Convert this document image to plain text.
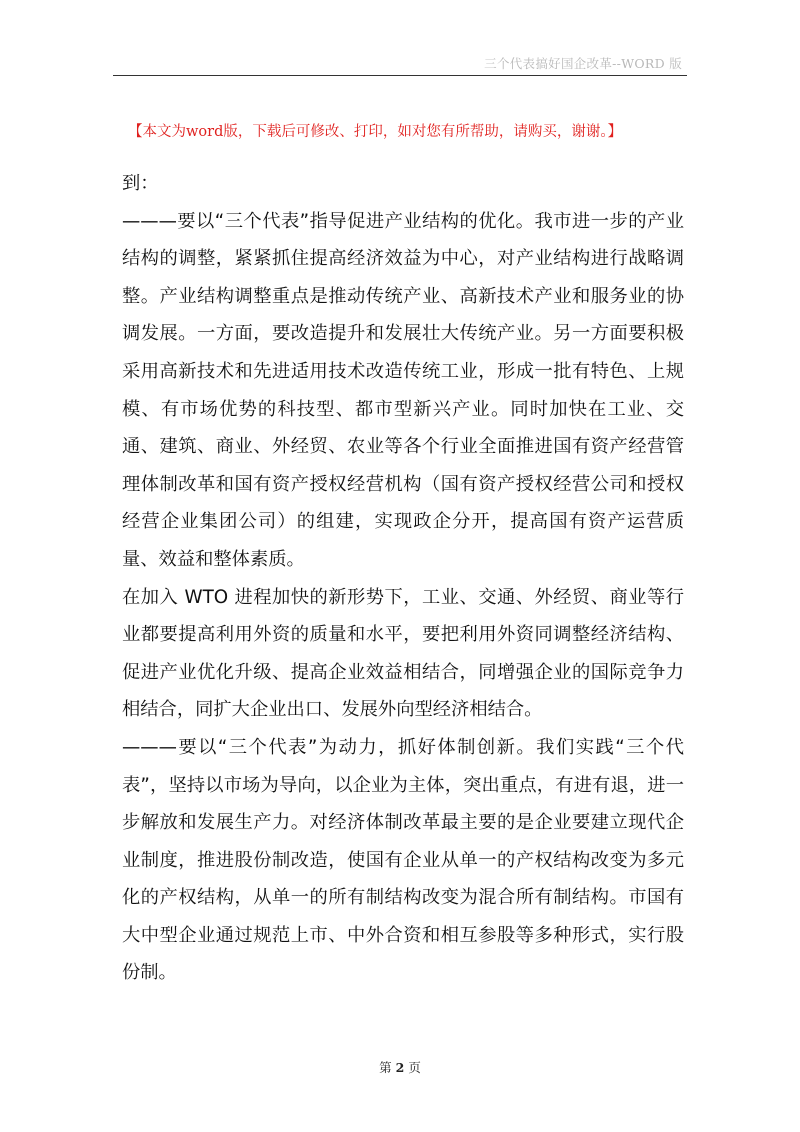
三个代表搞好国企改革--WORD 版
【本文为word版，下载后可修改、打印，如对您有所帮助，请购买，谢谢。】

到：

———要以“三个代表”指导促进产业结构的优化。我市进一步的产业结构的调整，紧紧抓住提高经济效益为中心，对产业结构进行战略调整。产业结构调整重点是推动传统产业、高新技术产业和服务业的协调发展。一方面，要改造提升和发展壮大传统产业。另一方面要积极采用高新技术和先进适用技术改造传统工业，形成一批有特色、上规模、有市场优势的科技型、都市型新兴产业。同时加快在工业、交通、建筑、商业、外经贸、农业等各个行业全面推进国有资产经营管理体制改革和国有资产授权经营机构（国有资产授权经营公司和授权经营企业集团公司）的组建，实现政企分开，提高国有资产运营质量、效益和整体素质。

在加入 WTO 进程加快的新形势下，工业、交通、外经贸、商业等行业都要提高利用外资的质量和水平，要把利用外资同调整经济结构、促进产业优化升级、提高企业效益相结合，同增强企业的国际竞争力相结合，同扩大企业出口、发展外向型经济相结合。

———要以“三个代表”为动力，抓好体制创新。我们实践“三个代表”，坚持以市场为导向，以企业为主体，突出重点，有进有退，进一步解放和发展生产力。对经济体制改革最主要的是企业要建立现代企业制度，推进股份制改造，使国有企业从单一的产权结构改变为多元化的产权结构，从单一的所有制结构改变为混合所有制结构。市国有大中型企业通过规范上市、中外合资和相互参股等多种形式，实行股份制。

第 2 页
